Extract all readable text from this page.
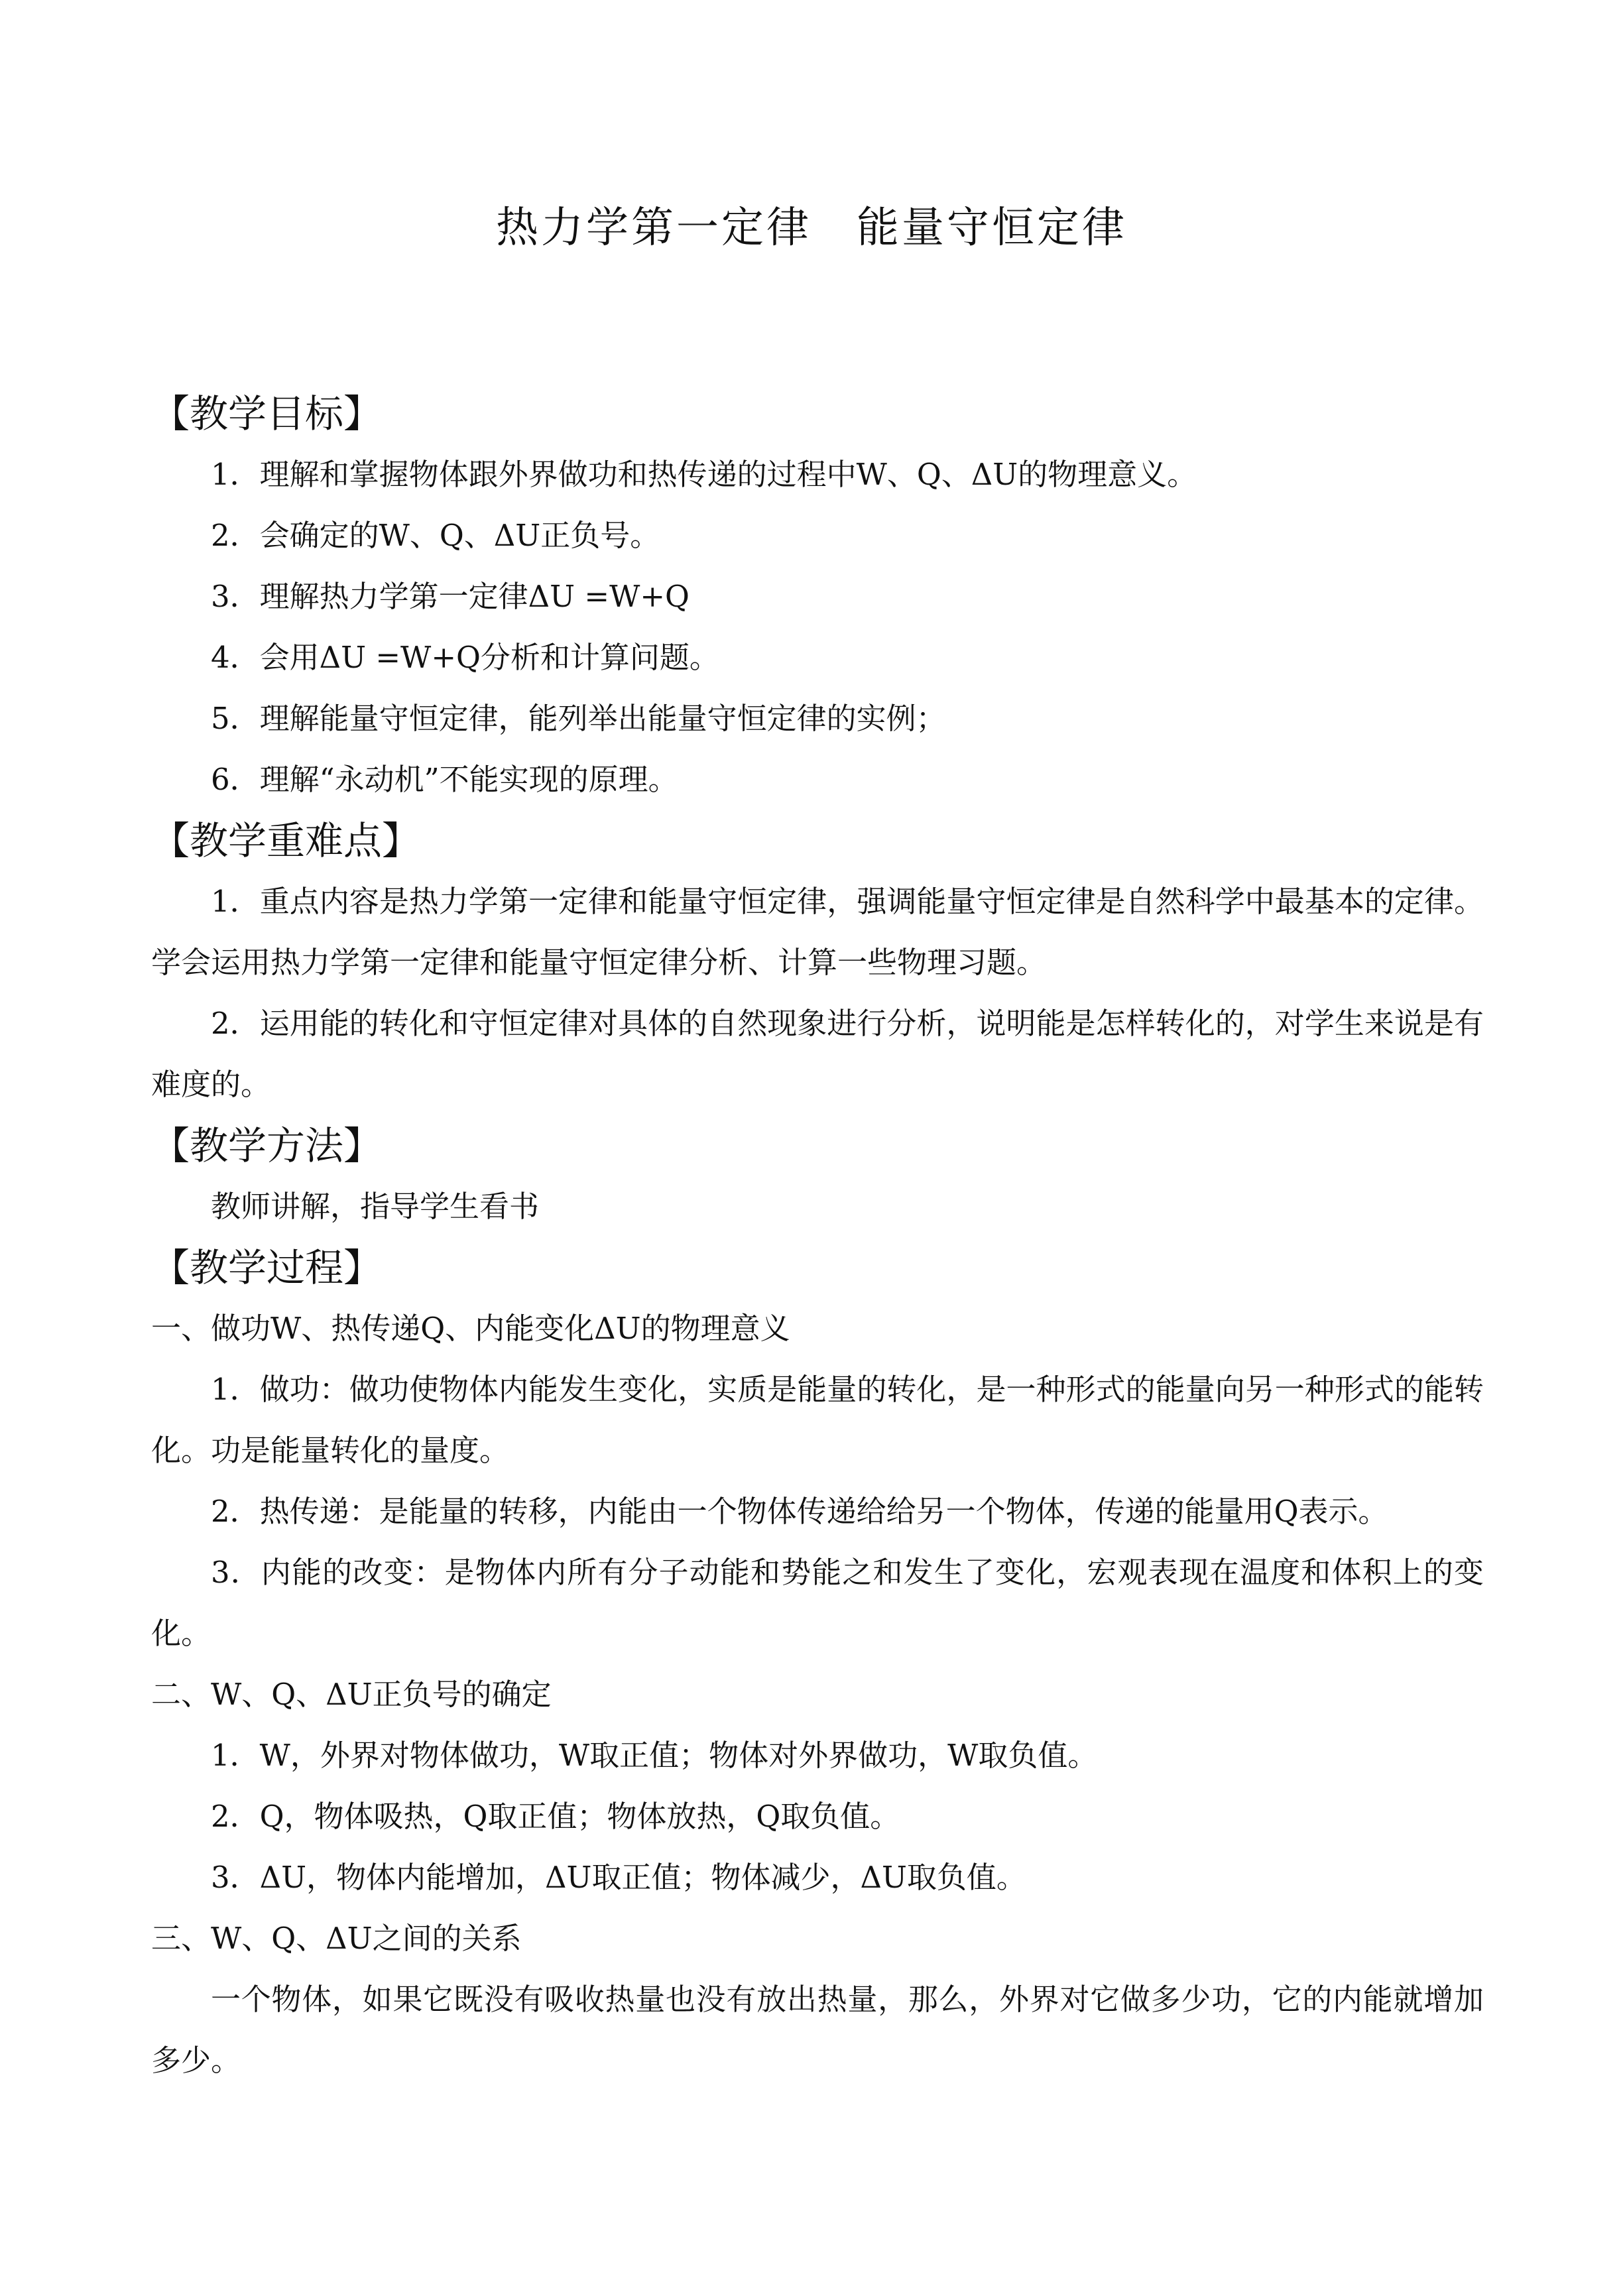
热力学第一定律　能量守恒定律
【教学目标】
1．理解和掌握物体跟外界做功和热传递的过程中W、Q、ΔU的物理意义。
2．会确定的W、Q、ΔU正负号。
3．理解热力学第一定律ΔU =W+Q
4．会用ΔU =W+Q分析和计算问题。
5．理解能量守恒定律，能列举出能量守恒定律的实例；
6．理解“永动机”不能实现的原理。
【教学重难点】
1．重点内容是热力学第一定律和能量守恒定律，强调能量守恒定律是自然科学中最基本的定律。学会运用热力学第一定律和能量守恒定律分析、计算一些物理习题。
2．运用能的转化和守恒定律对具体的自然现象进行分析，说明能是怎样转化的，对学生来说是有难度的。
【教学方法】
教师讲解，指导学生看书
【教学过程】
一、做功W、热传递Q、内能变化ΔU的物理意义
1．做功：做功使物体内能发生变化，实质是能量的转化，是一种形式的能量向另一种形式的能转化。功是能量转化的量度。
2．热传递：是能量的转移，内能由一个物体传递给给另一个物体，传递的能量用Q表示。
3．内能的改变：是物体内所有分子动能和势能之和发生了变化，宏观表现在温度和体积上的变化。
二、W、Q、ΔU正负号的确定
1．W，外界对物体做功，W取正值；物体对外界做功，W取负值。
2．Q，物体吸热，Q取正值；物体放热，Q取负值。
3．ΔU，物体内能增加，ΔU取正值；物体减少，ΔU取负值。
三、W、Q、ΔU之间的关系
一个物体，如果它既没有吸收热量也没有放出热量，那么，外界对它做多少功，它的内能就增加多少。
